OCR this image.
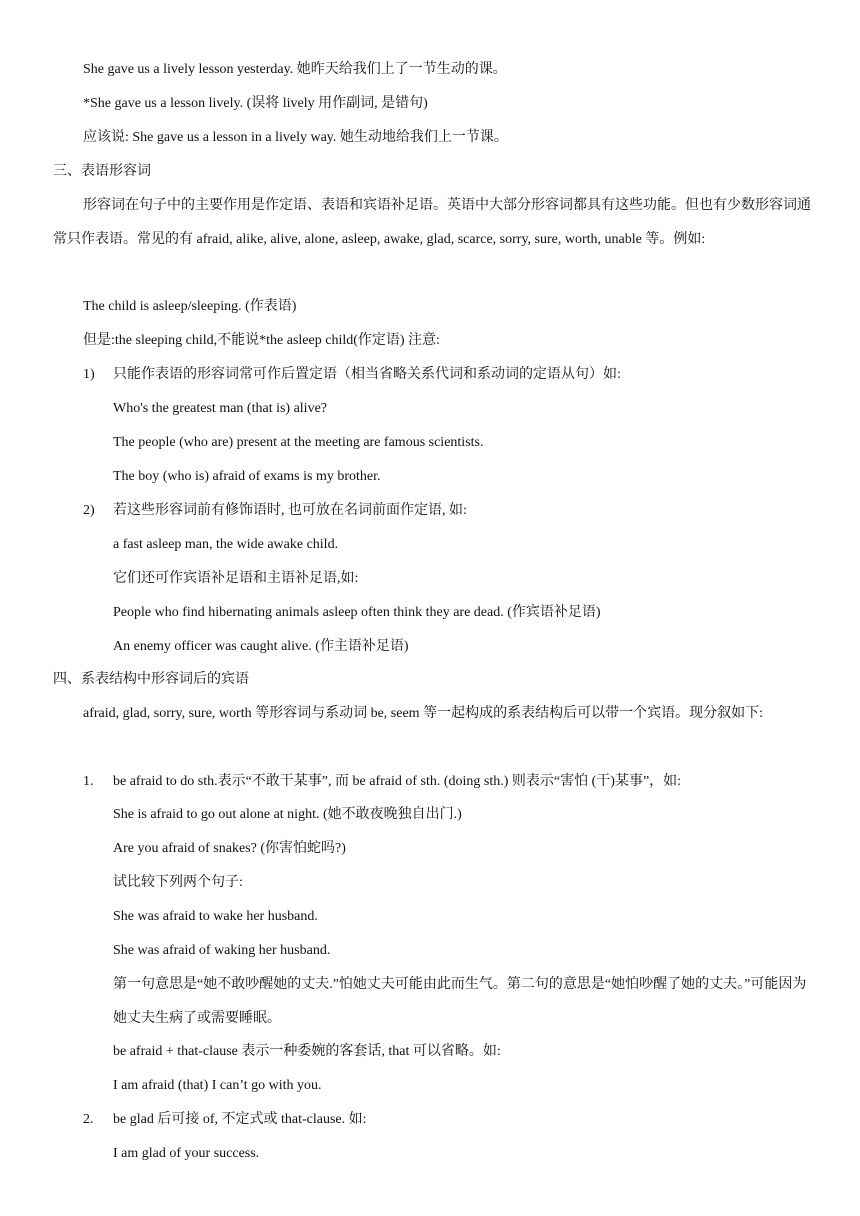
She gave us a lively lesson yesterday. 她昨天给我们上了一节生动的课。
*She gave us a lesson lively. (误将 lively 用作副词, 是错句)
应该说: She gave us a lesson in a lively way. 她生动地给我们上一节课。
三、表语形容词
形容词在句子中的主要作用是作定语、表语和宾语补足语。英语中大部分形容词都具有这些功能。但也有少数形容词通常只作表语。常见的有 afraid, alike, alive, alone, asleep, awake, glad, scarce, sorry, sure, worth, unable 等。例如:
The child is asleep/sleeping. (作表语)
但是:the sleeping child,不能说*the asleep child(作定语) 注意:
1) 只能作表语的形容词常可作后置定语（相当省略关系代词和系动词的定语从句）如:
Who's the greatest man (that is) alive?
The people (who are) present at the meeting are famous scientists.
The boy (who is) afraid of exams is my brother.
2) 若这些形容词前有修饰语时, 也可放在名词前面作定语, 如:
a fast asleep man, the wide awake child.
它们还可作宾语补足语和主语补足语,如:
People who find hibernating animals asleep often think they are dead. (作宾语补足语)
An enemy officer was caught alive. (作主语补足语)
四、系表结构中形容词后的宾语
afraid, glad, sorry, sure, worth 等形容词与系动词 be, seem 等一起构成的系表结构后可以带一个宾语。现分叙如下:
1. be afraid to do sth.表示“不敢干某事”, 而 be afraid of sth. (doing sth.) 则表示“害怕 (干)某事”，如:
She is afraid to go out alone at night. (她不敢夜晚独自出门.)
Are you afraid of snakes? (你害怕蛇吗?)
试比较下列两个句子:
She was afraid to wake her husband.
She was afraid of waking her husband.
第一句意思是“她不敢吵醒她的丈夫.”怕她丈夫可能由此而生气。第二句的意思是“她怕吵醒了她的丈夫。”可能因为她丈夫生病了或需要睡眠。
be afraid + that-clause 表示一种委婉的客套话, that 可以省略。如:
I am afraid (that) I can’t go with you.
2. be glad 后可接 of, 不定式或 that-clause. 如:
I am glad of your success.
